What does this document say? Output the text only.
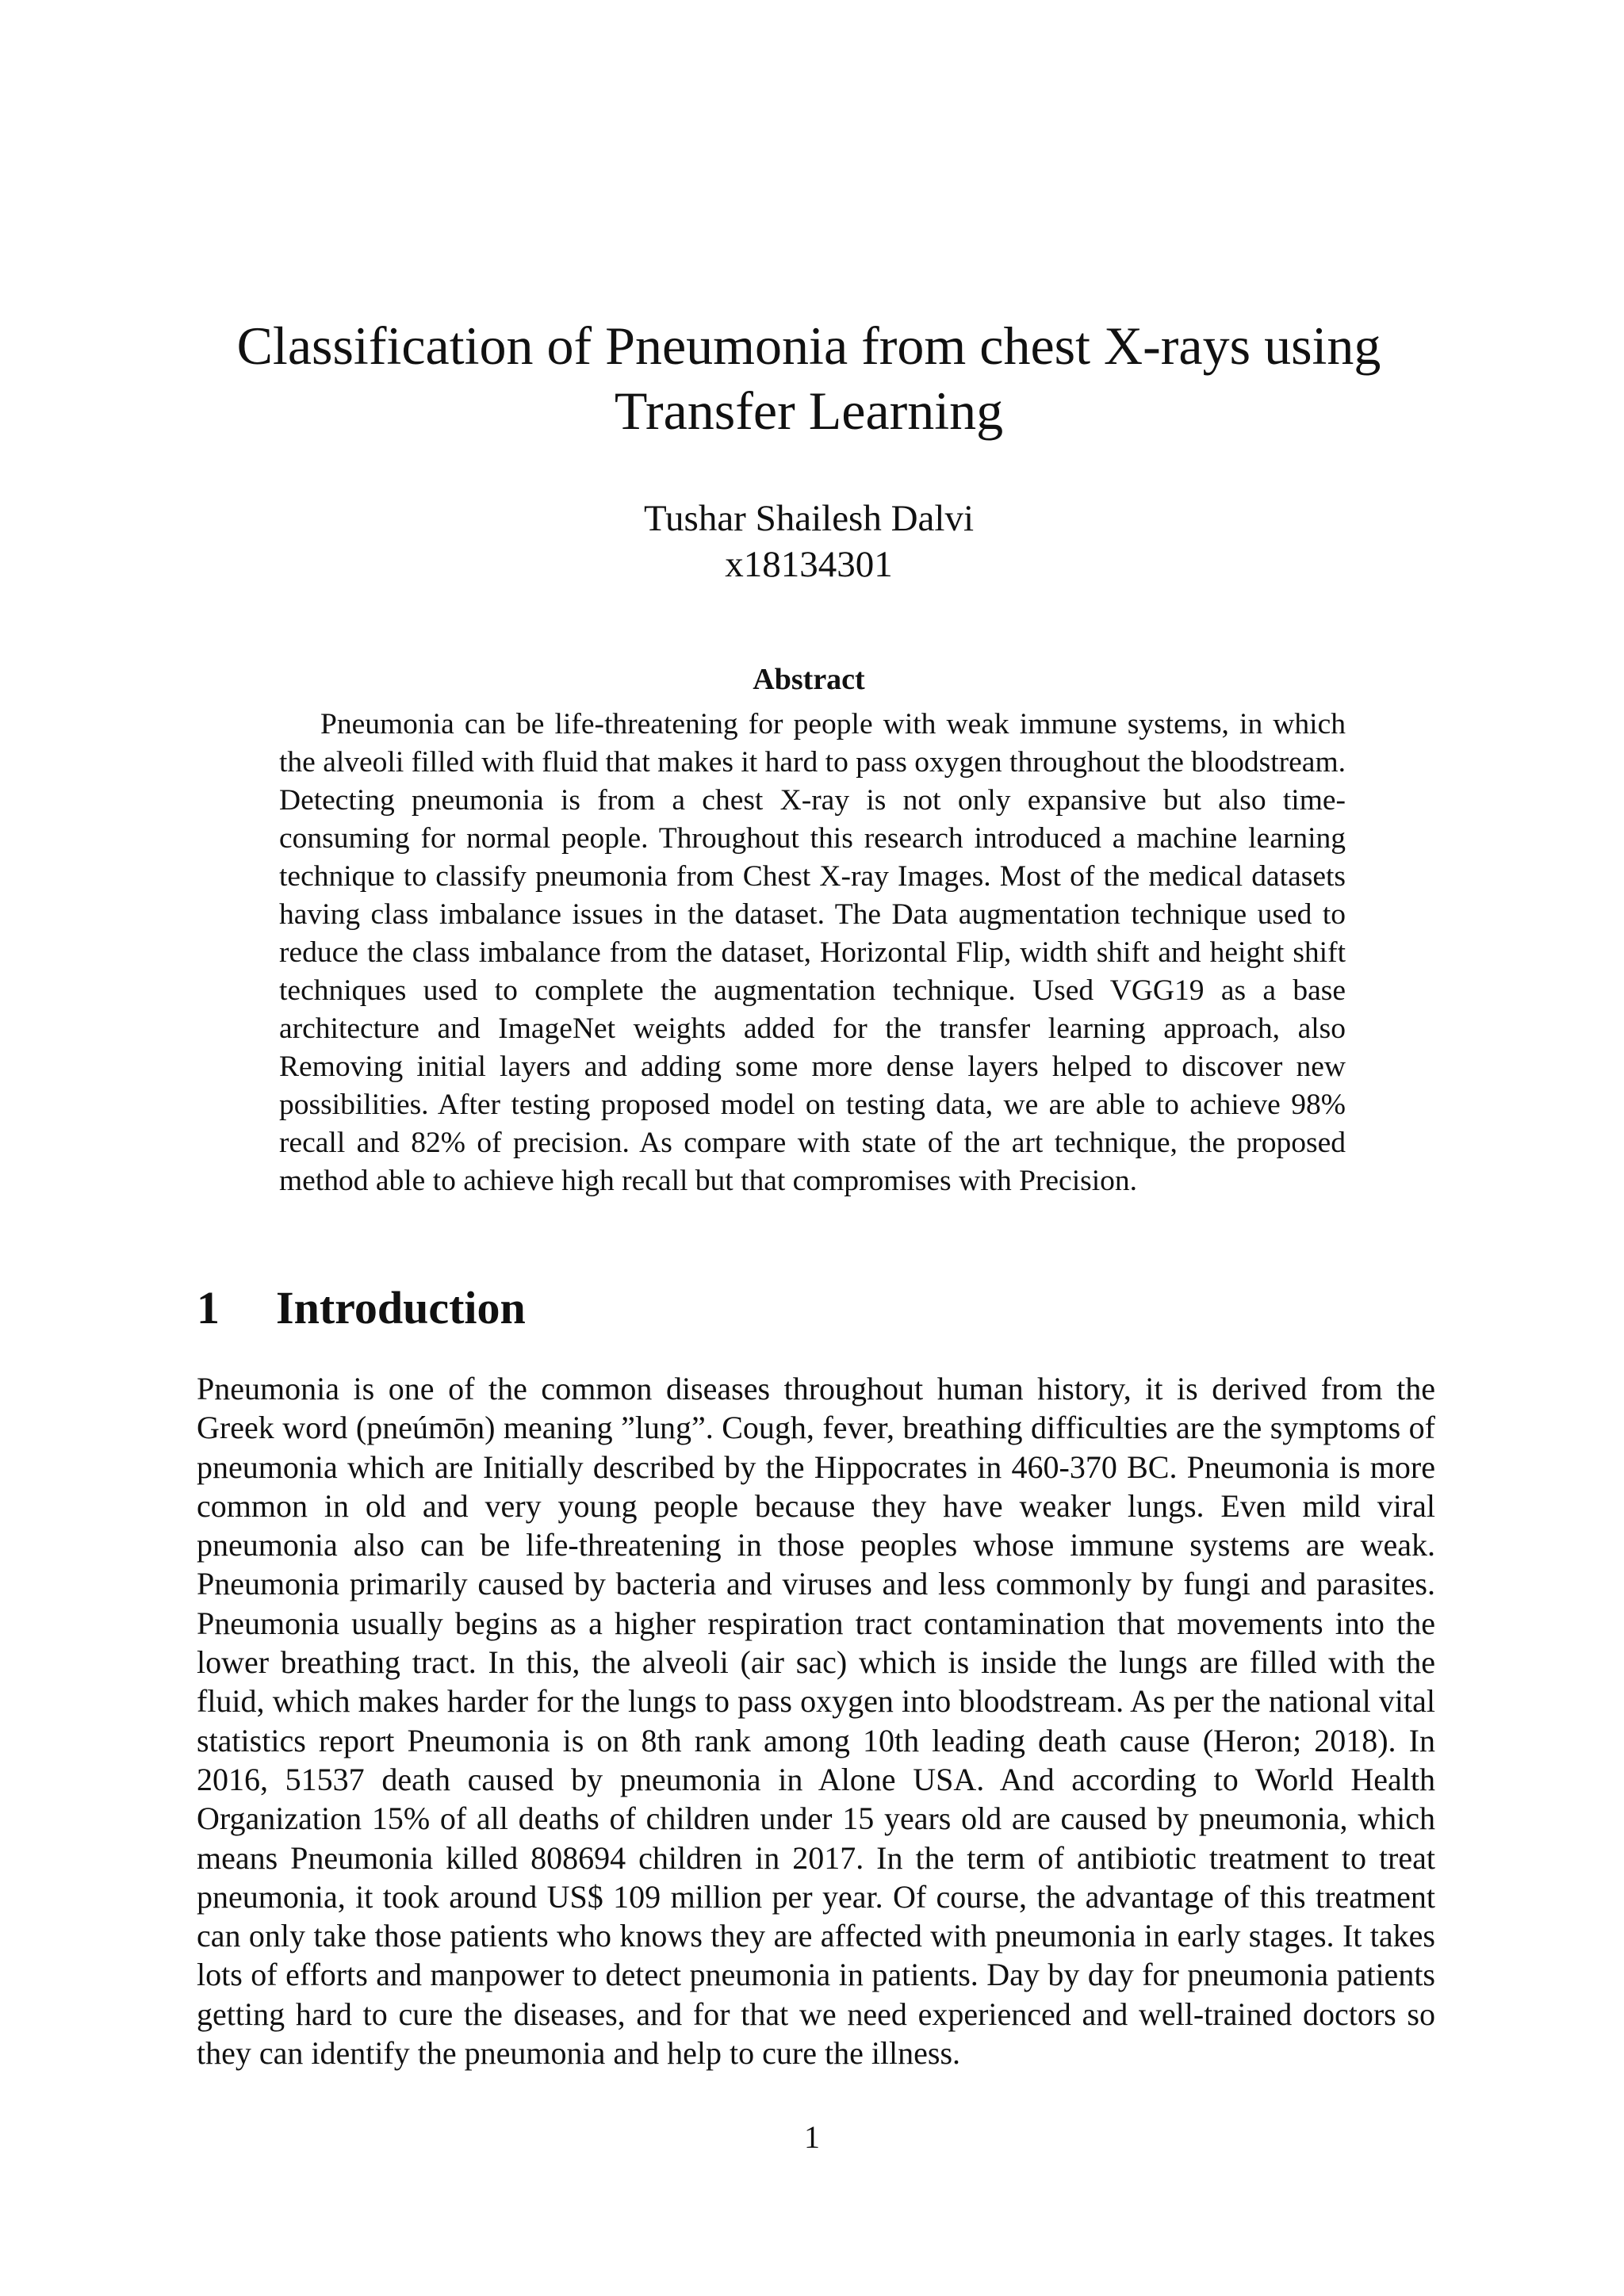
Classification of Pneumonia from chest X-rays using
Transfer Learning
Tushar Shailesh Dalvi
x18134301
Abstract

Pneumonia can be life-threatening for people with weak immune systems, in which the alveoli filled with fluid that makes it hard to pass oxygen throughout the bloodstream. Detecting pneumonia is from a chest X-ray is not only expansive but also time-consuming for normal people. Throughout this research introduced a machine learning technique to classify pneumonia from Chest X-ray Images. Most of the medical datasets having class imbalance issues in the dataset. The Data augmentation technique used to reduce the class imbalance from the dataset, Horizontal Flip, width shift and height shift techniques used to complete the augmentation technique. Used VGG19 as a base architecture and ImageNet weights added for the transfer learning approach, also Removing initial layers and adding some more dense layers helped to discover new possibilities. After testing proposed model on testing data, we are able to achieve 98% recall and 82% of precision. As compare with state of the art technique, the proposed method able to achieve high recall but that compromises with Precision.

1 Introduction

Pneumonia is one of the common diseases throughout human history, it is derived from the Greek word (pneúmōn) meaning ”lung”. Cough, fever, breathing difficulties are the symptoms of pneumonia which are Initially described by the Hippocrates in 460-370 BC. Pneumonia is more common in old and very young people because they have weaker lungs. Even mild viral pneumonia also can be life-threatening in those peoples whose immune systems are weak. Pneumonia primarily caused by bacteria and viruses and less commonly by fungi and parasites. Pneumonia usually begins as a higher respiration tract contamination that movements into the lower breathing tract. In this, the alveoli (air sac) which is inside the lungs are filled with the fluid, which makes harder for the lungs to pass oxygen into bloodstream. As per the national vital statistics report Pneumonia is on 8th rank among 10th leading death cause (Heron; 2018). In 2016, 51537 death caused by pneumonia in Alone USA. And according to World Health Organization 15% of all deaths of children under 15 years old are caused by pneumonia, which means Pneumonia killed 808694 children in 2017. In the term of antibiotic treatment to treat pneumonia, it took around US$ 109 million per year. Of course, the advantage of this treatment can only take those patients who knows they are affected with pneumonia in early stages. It takes lots of efforts and manpower to detect pneumonia in patients. Day by day for pneumonia patients getting hard to cure the diseases, and for that we need experienced and well-trained doctors so they can identify the pneumonia and help to cure the illness.

1
